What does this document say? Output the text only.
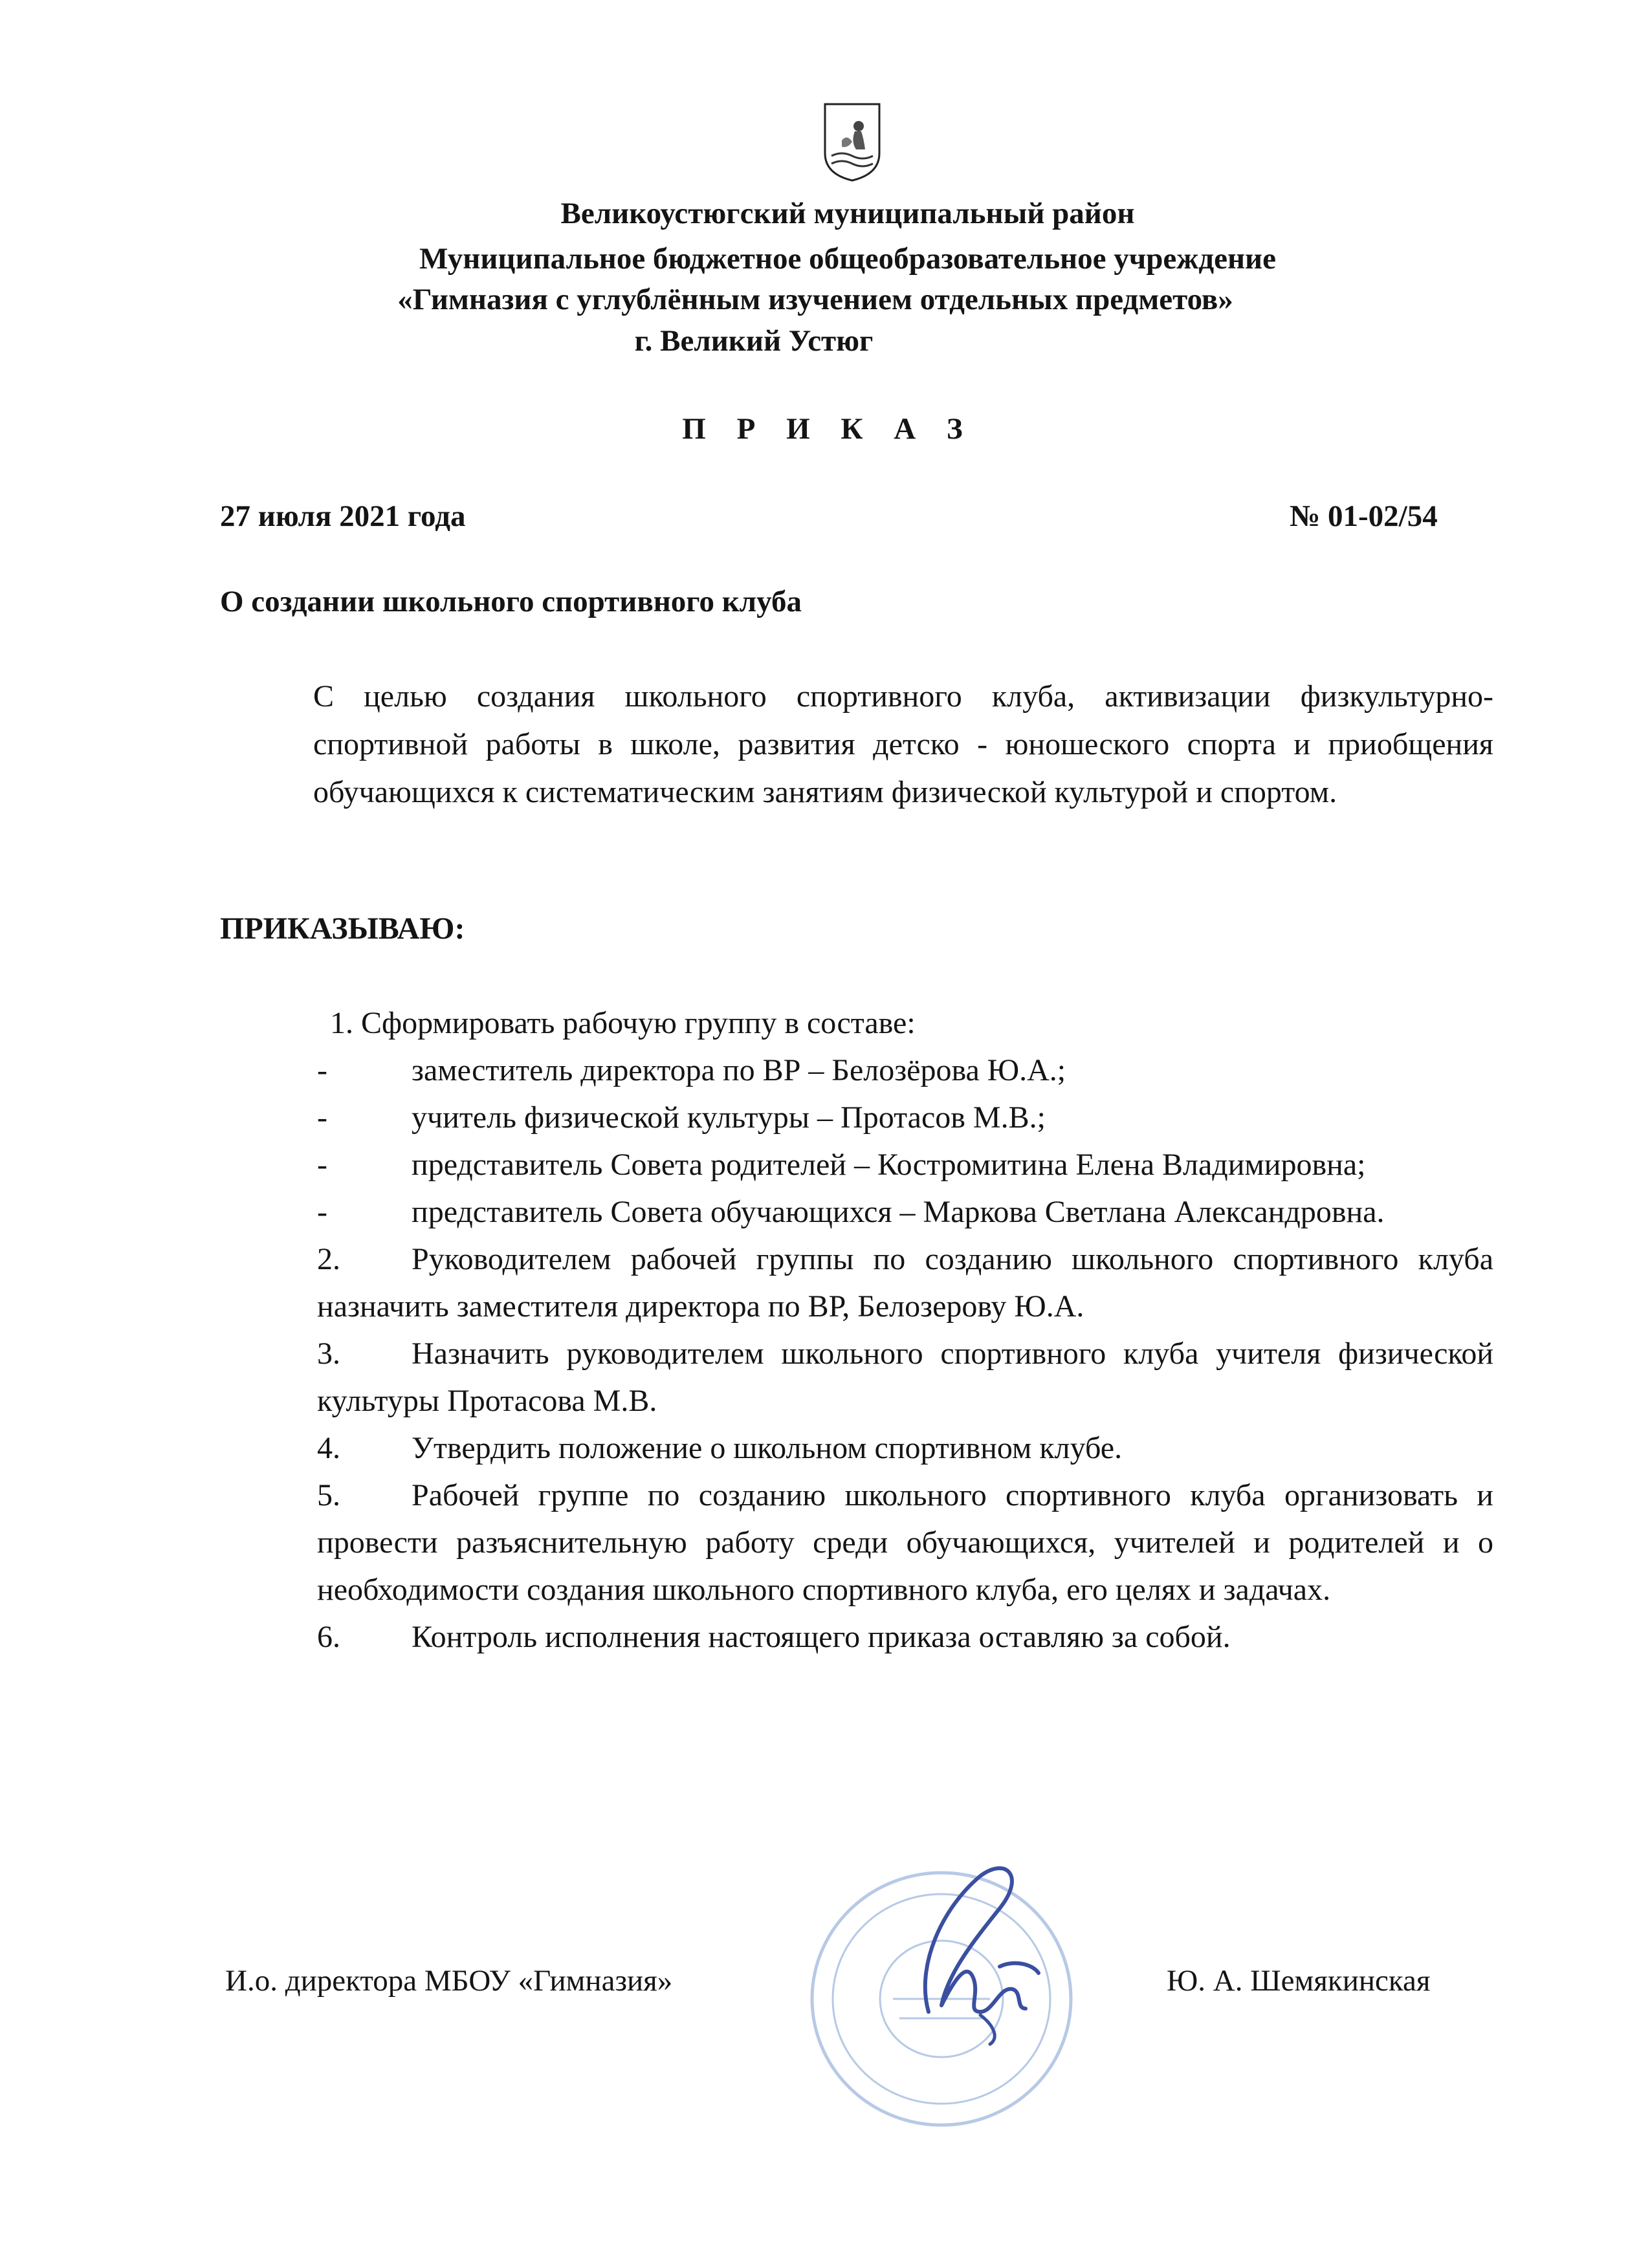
Великоустюгский муниципальный район
Муниципальное бюджетное общеобразовательное учреждение
«Гимназия с углублённым изучением отдельных предметов»
г. Великий Устюг
П Р И К А З
27 июля 2021 года	№ 01-02/54
О создании школьного спортивного клуба
С целью создания школьного спортивного клуба, активизации физкультурно-спортивной работы в школе, развития детско - юношеского спорта и приобщения обучающихся к систематическим занятиям физической культурой и спортом.
ПРИКАЗЫВАЮ:
1. Сформировать рабочую группу в составе:
-	заместитель директора по ВР – Белозёрова Ю.А.;
-	учитель физической культуры – Протасов М.В.;
-	представитель Совета родителей – Костромитина Елена Владимировна;
-	представитель Совета обучающихся – Маркова Светлана Александровна.
2. Руководителем рабочей группы по созданию школьного спортивного клуба назначить заместителя директора по ВР, Белозерову Ю.А.
3. Назначить руководителем школьного спортивного клуба учителя физической культуры Протасова М.В.
4. Утвердить положение о школьном спортивном клубе.
5. Рабочей группе по созданию школьного спортивного клуба организовать и провести разъяснительную работу среди обучающихся, учителей и родителей и о необходимости создания школьного спортивного клуба, его целях и задачах.
6. Контроль исполнения настоящего приказа оставляю за собой.
И.о. директора МБОУ «Гимназия»	Ю. А. Шемякинская
